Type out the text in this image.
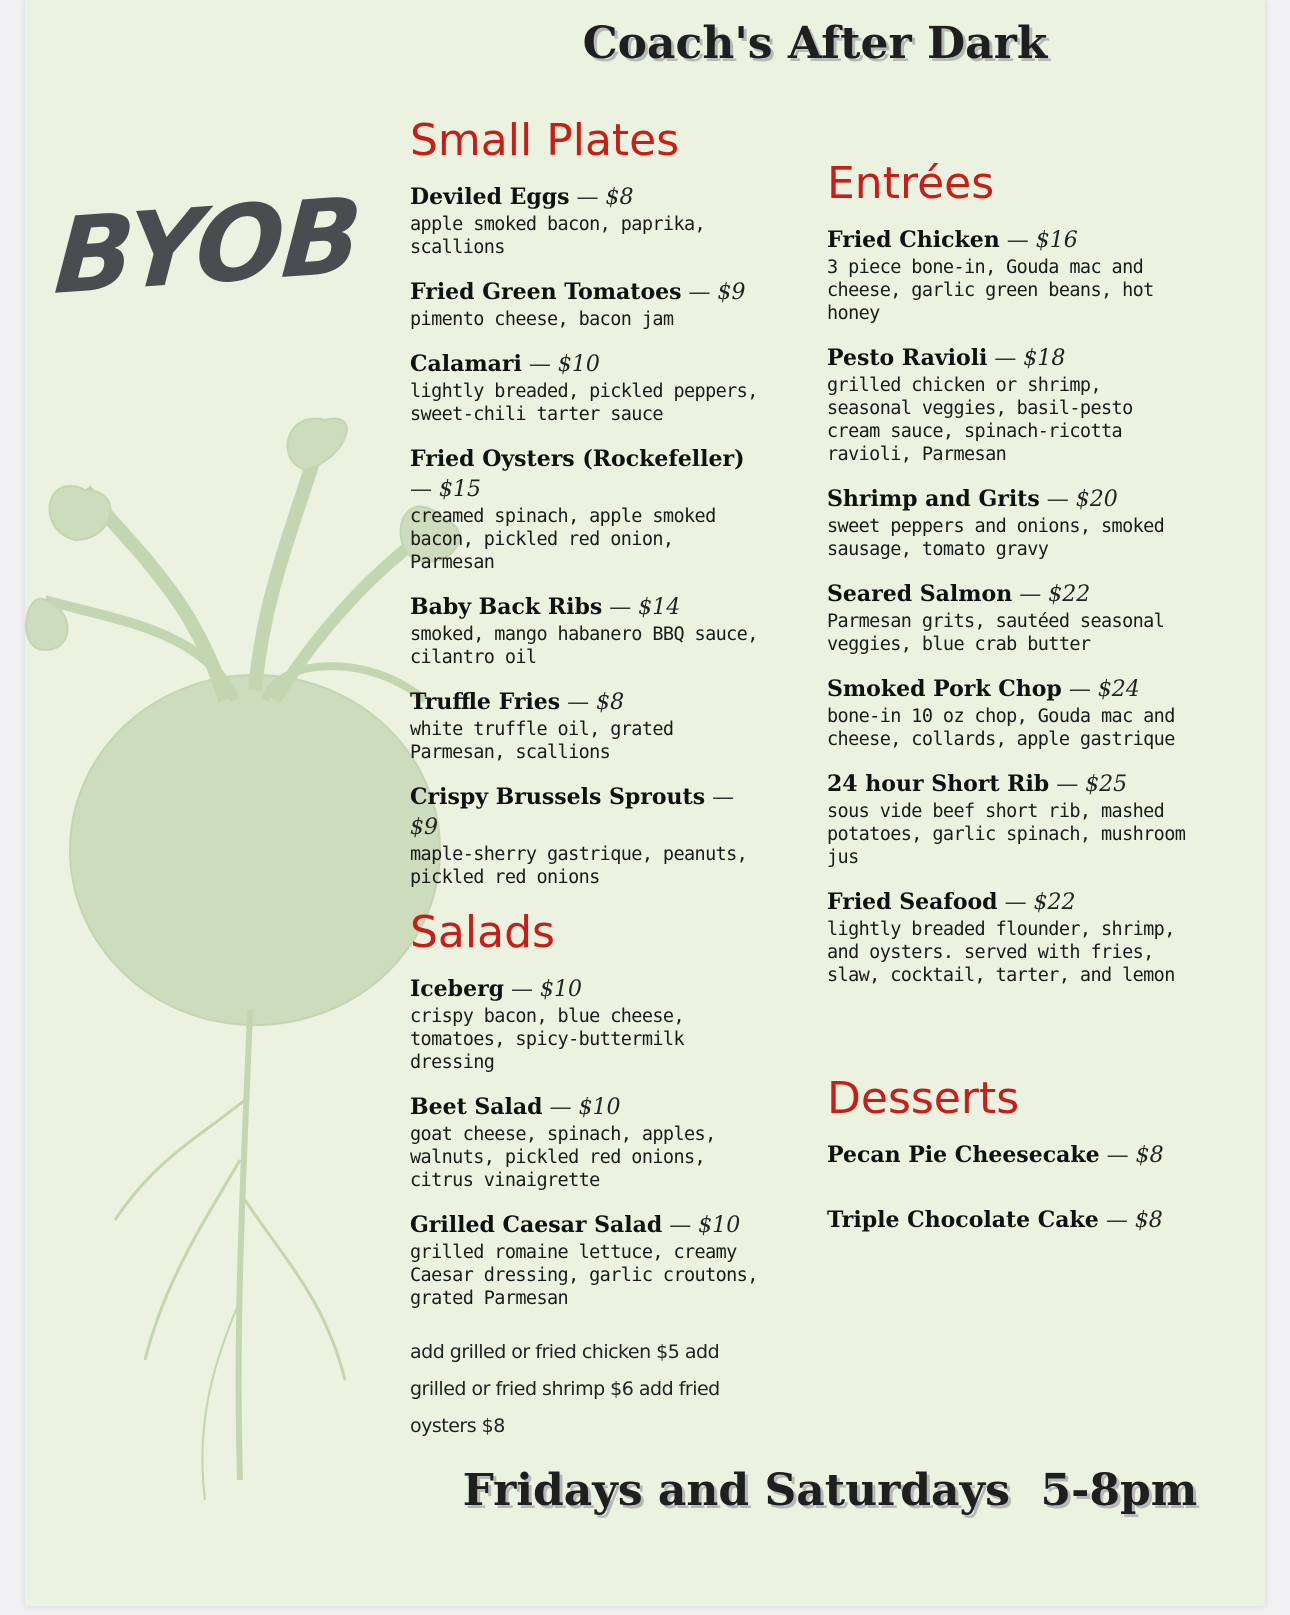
Coach's After Dark
BYOB
Small Plates
Deviled Eggs — $8
apple smoked bacon, paprika, scallions
Fried Green Tomatoes — $9
pimento cheese, bacon jam
Calamari — $10
lightly breaded, pickled peppers, sweet-chili tarter sauce
Fried Oysters (Rockefeller) — $15
creamed spinach, apple smoked bacon, pickled red onion, Parmesan
Baby Back Ribs — $14
smoked, mango habanero BBQ sauce, cilantro oil
Truffle Fries — $8
white truffle oil, grated Parmesan, scallions
Crispy Brussels Sprouts — $9
maple-sherry gastrique, peanuts, pickled red onions
Salads
Iceberg — $10
crispy bacon, blue cheese, tomatoes, spicy-buttermilk dressing
Beet Salad — $10
goat cheese, spinach, apples, walnuts, pickled red onions, citrus vinaigrette
Grilled Caesar Salad — $10
grilled romaine lettuce, creamy Caesar dressing, garlic croutons, grated Parmesan
add grilled or fried chicken $5 add grilled or fried shrimp $6 add fried oysters $8
Entrées
Fried Chicken — $16
3 piece bone-in, Gouda mac and cheese, garlic green beans, hot honey
Pesto Ravioli — $18
grilled chicken or shrimp, seasonal veggies, basil-pesto cream sauce, spinach-ricotta ravioli, Parmesan
Shrimp and Grits — $20
sweet peppers and onions, smoked sausage, tomato gravy
Seared Salmon — $22
Parmesan grits, sautéed seasonal veggies, blue crab butter
Smoked Pork Chop — $24
bone-in 10 oz chop, Gouda mac and cheese, collards, apple gastrique
24 hour Short Rib — $25
sous vide beef short rib, mashed potatoes, garlic spinach, mushroom jus
Fried Seafood — $22
lightly breaded flounder, shrimp, and oysters. served with fries, slaw, cocktail, tarter, and lemon
Desserts
Pecan Pie Cheesecake — $8
Triple Chocolate Cake — $8
Fridays and Saturdays  5-8pm
